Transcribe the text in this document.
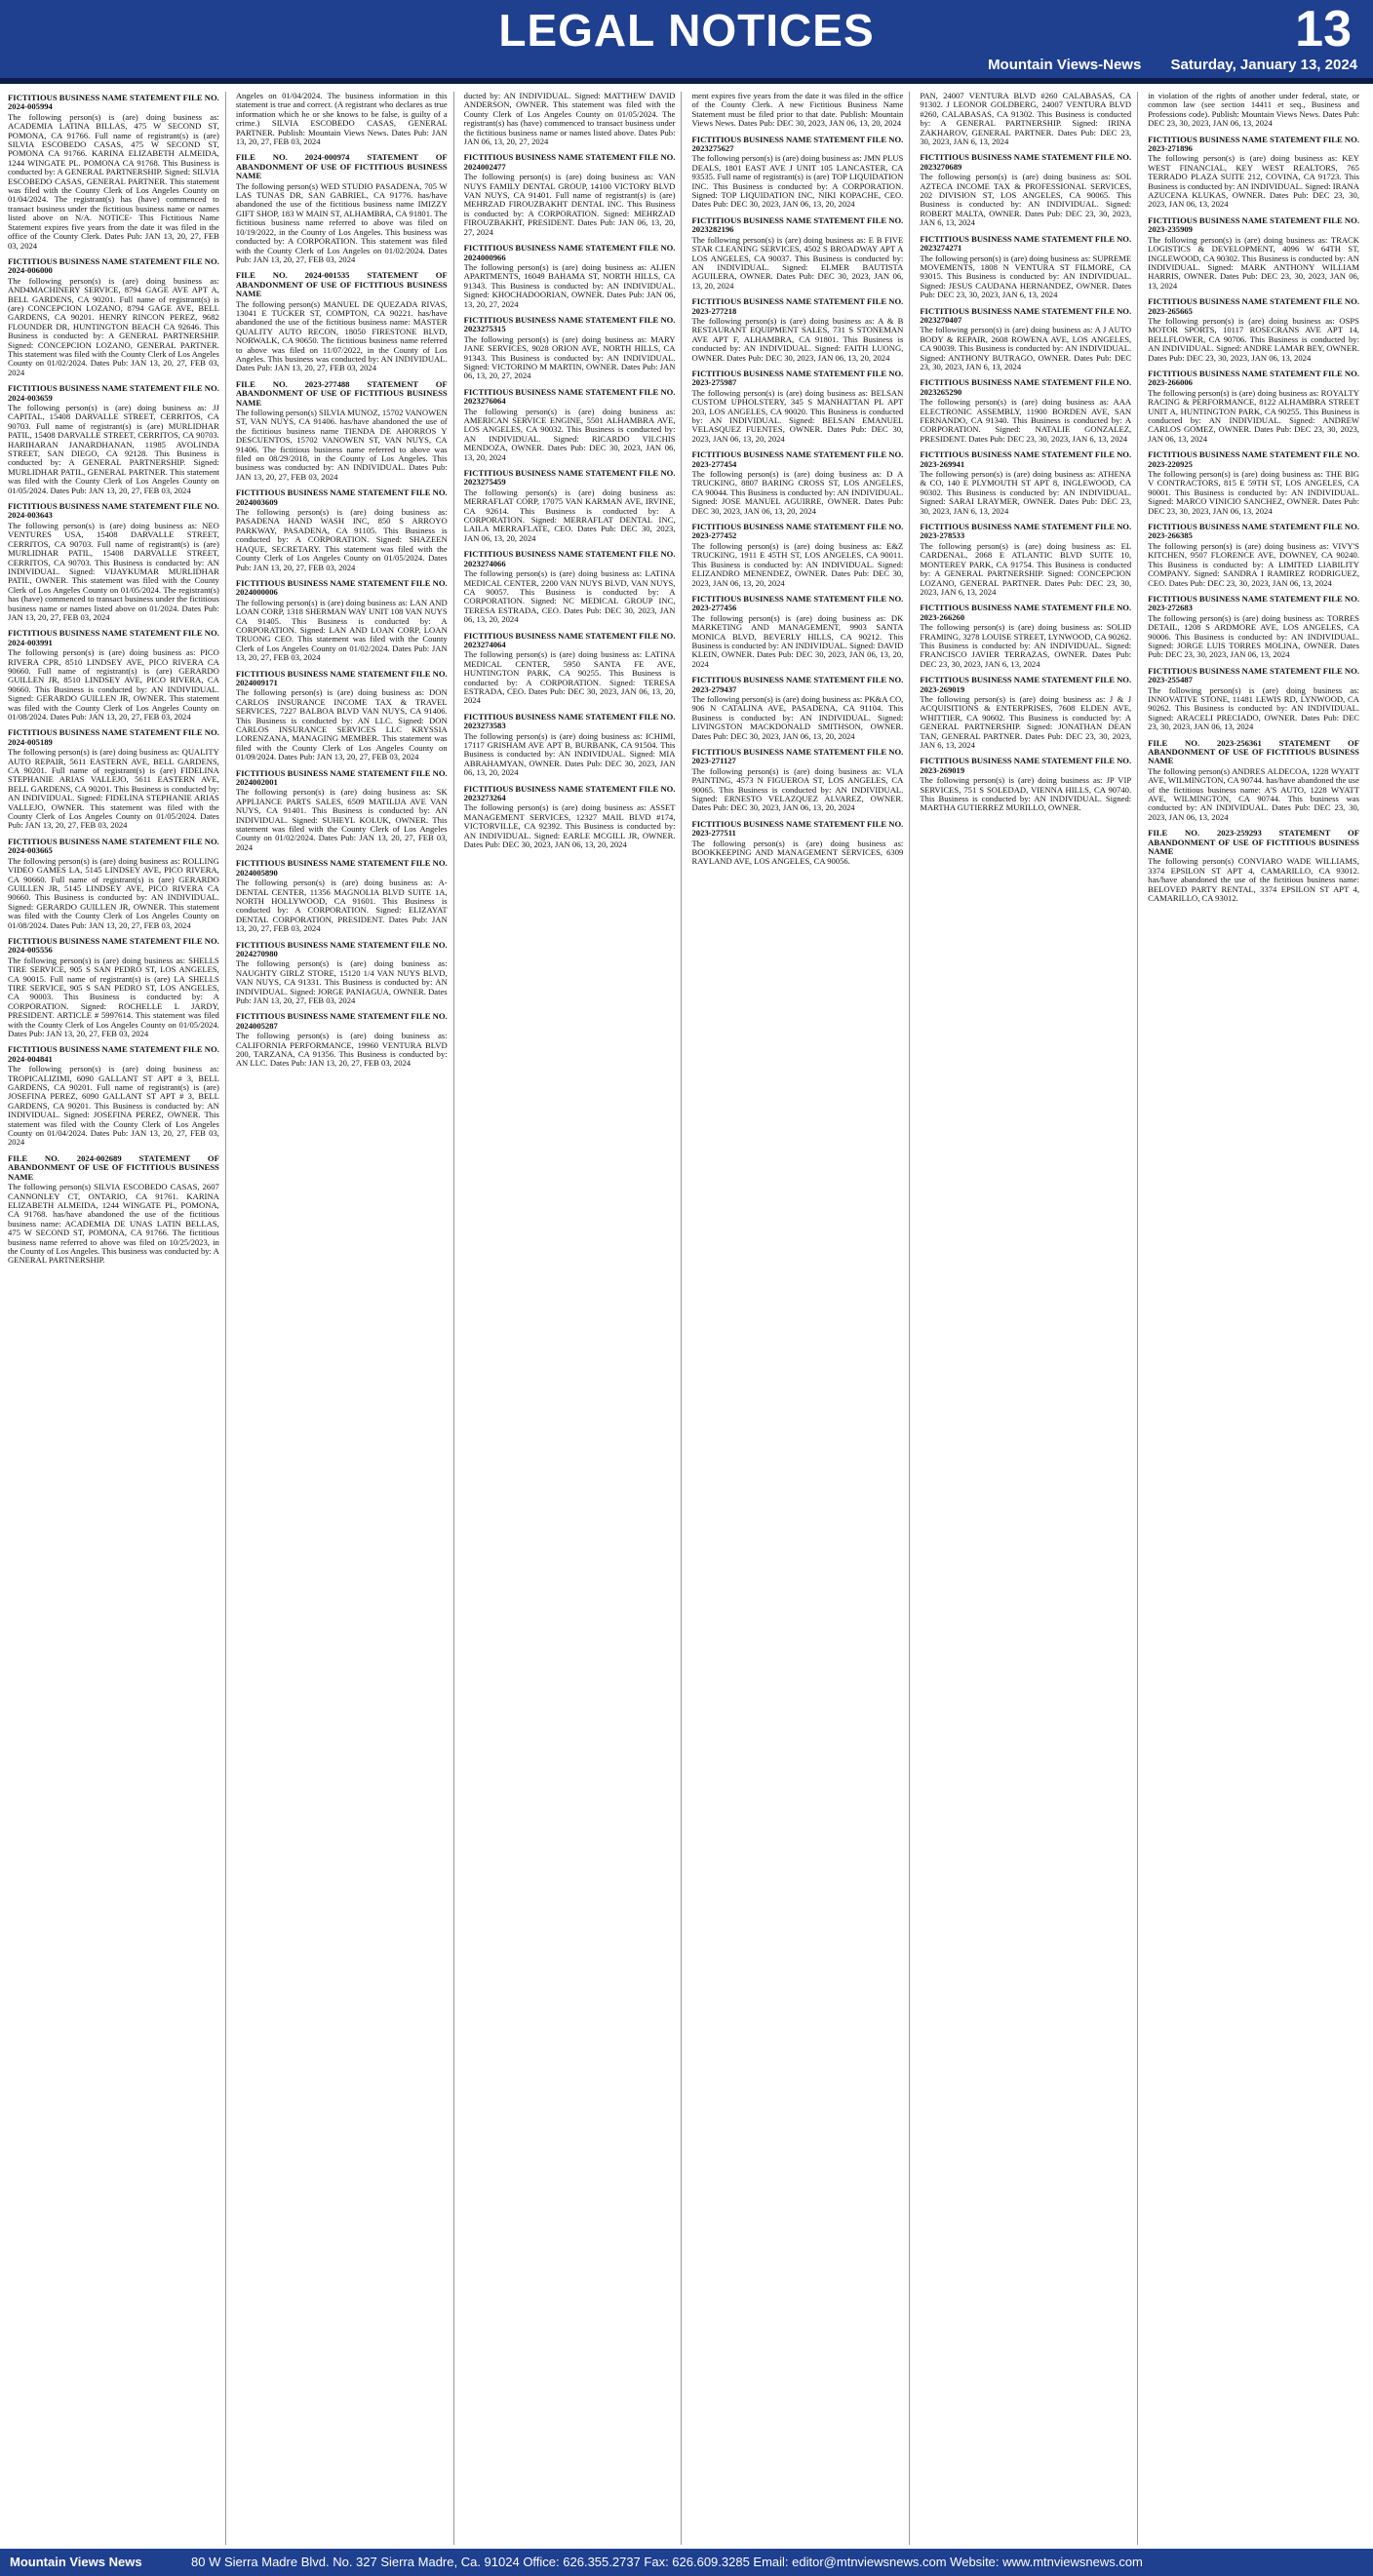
LEGAL NOTICES	13
Mountain Views-News Saturday, January 13, 2024
FICTITIOUS BUSINESS NAME STATEMENT FILE NO. 2024-005994
The following person(s) is (are) doing business as: ACADEMIA LATINA BILLAS, 475 W SECOND ST, POMONA, CA 91766. Full name of registrant(s) is (are) SILVIA ESCOBEDO CASAS, 475 W SECOND ST, POMONA CA 91766. KARINA ELIZABETH ALMEIDA, 1244 WINGATE PL. POMONA CA 91768. This Business is conducted by: A GENERAL PARTNERSHIP. Signed: SILVIA ESCOBEDO CASAS, GENERAL PARTNER. This statement was filed with the County Clerk of Los Angeles County on 01/04/2024. The registrant(s) has (have) commenced to transact business under the fictitious business name or names listed above on N/A. NOTICE- This Fictitious Name Statement expires five years from the date it was filed in the office of the County Clerk. Dates Pub: JAN 13, 20, 27, FEB 03, 2024
FICTITIOUS BUSINESS NAME STATEMENT FILE NO. 2024-006000
The following person(s) is (are) doing business as: AND4MACHINERY SERVICE, 8794 GAGE AVE APT A, BELL GARDENS, CA 90201. Full name of registrant(s) is (are) CONCEPCION LOZANO, 8794 GAGE AVE, BELL GARDENS, CA 90201. HENRY RINCON PEREZ, 9682 FLOUNDER DR, HUNTINGTON BEACH CA 92646. This Business is conducted by: A GENERAL PARTNERSHIP. Signed: CONCEPCION LOZANO, GENERAL PARTNER. This statement was filed with the County Clerk of Los Angeles County on 01/02/2024. Dates Pub: JAN 13, 20, 27, FEB 03, 2024
FICTITIOUS BUSINESS NAME STATEMENT FILE NO. 2024-003659
The following person(s) is (are) doing business as: JJ CAPITAL, 15408 DARVALLE STREET, CERRITOS, CA 90703. Full name of registrant(s) is (are) MURLIDHAR PATIL, 15408 DARVALLE STREET, CERRITOS, CA 90703. HARIHARAN JANARDHANAN, 11985 AVOLINDA STREET, SAN DIEGO, CA 92128. This Business is conducted by: A GENERAL PARTNERSHIP. Signed: MURLIDHAR PATIL, GENERAL PARTNER. This statement was filed with the County Clerk of Los Angeles County on 01/05/2024. Dates Pub: JAN 13, 20, 27, FEB 03, 2024
FICTITIOUS BUSINESS NAME STATEMENT FILE NO. 2024-003643
The following person(s) is (are) doing business as: NEO VENTURES USA, 15408 DARVALLE STREET, CERRITOS, CA 90703. Full name of registrant(s) is (are) MURLIDHAR PATIL, 15408 DARVALLE STREET, CERRITOS, CA 90703. This Business is conducted by: AN INDIVIDUAL. Signed: VIJAYKUMAR MURLIDHAR PATIL, OWNER. This statement was filed with the County Clerk of Los Angeles County on 01/05/2024. The registrant(s) has (have) commenced to transact business under the fictitious business name or names listed above on 01/2024. Dates Pub: JAN 13, 20, 27, FEB 03, 2024
FICTITIOUS BUSINESS NAME STATEMENT FILE NO. 2024-003991
The following person(s) is (are) doing business as: PICO RIVERA CPR, 8510 LINDSEY AVE, PICO RIVERA CA 90660. Full name of registrant(s) is (are) GERARDO GUILLEN JR, 8510 LINDSEY AVE, PICO RIVERA, CA 90660. This Business is conducted by: AN INDIVIDUAL. Signed: GERARDO GUILLEN JR, OWNER. This statement was filed with the County Clerk of Los Angeles County on 01/08/2024. Dates Pub: JAN 13, 20, 27, FEB 03, 2024
FICTITIOUS BUSINESS NAME STATEMENT FILE NO. 2024-005189
The following person(s) is (are) doing business as: QUALITY AUTO REPAIR, 5611 EASTERN AVE, BELL GARDENS, CA 90201. Full name of registrant(s) is (are) FIDELINA STEPHANIE ARIAS VALLEJO, 5611 EASTERN AVE, BELL GARDENS, CA 90201. This Business is conducted by: AN INDIVIDUAL. Signed: FIDELINA STEPHANIE ARIAS VALLEJO, OWNER. This statement was filed with the County Clerk of Los Angeles County on 01/05/2024. Dates Pub: JAN 13, 20, 27, FEB 03, 2024
FICTITIOUS BUSINESS NAME STATEMENT FILE NO. 2024-003665
The following person(s) is (are) doing business as: ROLLING VIDEO GAMES LA, 5145 LINDSEY AVE, PICO RIVERA, CA 90660. Full name of registrant(s) is (are) GERARDO GUILLEN JR, 5145 LINDSEY AVE, PICO RIVERA CA 90660. This Business is conducted by: AN INDIVIDUAL. Signed: GERARDO GUILLEN JR, OWNER. This statement was filed with the County Clerk of Los Angeles County on 01/08/2024. Dates Pub: JAN 13, 20, 27, FEB 03, 2024
FICTITIOUS BUSINESS NAME STATEMENT FILE NO. 2024-005556
The following person(s) is (are) doing business as: SHELLS TIRE SERVICE, 905 S SAN PEDRO ST, LOS ANGELES, CA 90015. Full name of registrant(s) is (are) LA SHELLS TIRE SERVICE, 905 S SAN PEDRO ST, LOS ANGELES, CA 90003. This Business is conducted by: A CORPORATION. Signed: ROCHELLE L JARDY, PRESIDENT. ARTICLE # 5997614. This statement was filed with the County Clerk of Los Angeles County on 01/05/2024. Dates Pub: JAN 13, 20, 27, FEB 03, 2024
FICTITIOUS BUSINESS NAME STATEMENT FILE NO. 2024-004841
The following person(s) is (are) doing business as: TROPICALIZIMI, 6090 GALLANT ST APT # 3, BELL GARDENS, CA 90201. Full name of registrant(s) is (are) JOSEFINA PEREZ, 6090 GALLANT ST APT # 3, BELL GARDENS, CA 90201. This Business is conducted by: AN INDIVIDUAL. Signed: JOSEFINA PEREZ, OWNER. This statement was filed with the County Clerk of Los Angeles County on 01/04/2024. Dates Pub: JAN 13, 20, 27, FEB 03, 2024
FILE NO. 2024-002689 STATEMENT OF ABANDONMENT OF USE OF FICTITIOUS BUSINESS NAME
The following person(s) SILVIA ESCOBEDO CASAS, 2607 CANNONLEY CT, ONTARIO, CA 91761. KARINA ELIZABETH ALMEIDA, 1244 WINGATE PL, POMONA, CA 91768. has/have abandoned the use of the fictitious business name: ACADEMIA DE UNAS LATIN BELLAS, 475 W SECOND ST, POMONA, CA 91766. The fictitious business name referred to above was filed on 10/25/2023, in the County of Los Angeles. This business was conducted by: A GENERAL PARTNERSHIP.
Angeles on 01/04/2024. The business information in this statement is true and correct. (A registrant who declares as true information which he or she knows to be false, is guilty of a crime.) SILVIA ESCOBEDO CASAS, GENERAL PARTNER. Publish: Mountain Views News. Dates Pub: JAN 13, 20, 27, FEB 03, 2024
FILE NO. 2024-000974 STATEMENT OF ABANDONMENT OF USE OF FICTITIOUS BUSINESS NAME
The following person(s) WED STUDIO PASADENA, 705 W LAS TUNAS DR, SAN GABRIEL, CA 91776. has/have abandoned the use of the fictitious business name IMIZZY GIFT SHOP, 183 W MAIN ST, ALHAMBRA, CA 91801. The fictitious business name referred to above was filed on 10/19/2022, in the County of Los Angeles. This business was conducted by: A CORPORATION. This statement was filed with the County Clerk of Los Angeles on 01/02/2024. Dates Pub: JAN 13, 20, 27, FEB 03, 2024
FILE NO. 2024-001535 STATEMENT OF ABANDONMENT OF USE OF FICTITIOUS BUSINESS NAME
The following person(s) MANUEL DE QUEZADA RIVAS, 13041 E TUCKER ST, COMPTON, CA 90221. has/have abandoned the use of the fictitious business name: MASTER QUALITY AUTO RECON, 18050 FIRESTONE BLVD, NORWALK, CA 90650. The fictitious business name referred to above was filed on 11/07/2022, in the County of Los Angeles. This business was conducted by: AN INDIVIDUAL. Dates Pub: JAN 13, 20, 27, FEB 03, 2024
FILE NO. 2023-277488 STATEMENT OF ABANDONMENT OF USE OF FICTITIOUS BUSINESS NAME
The following person(s) SILVIA MUNOZ, 15702 VANOWEN ST, VAN NUYS, CA 91406. has/have abandoned the use of the fictitious business name TIENDA DE AHORROS Y DESCUENTOS, 15702 VANOWEN ST, VAN NUYS, CA 91406. The fictitious business name referred to above was filed on 08/29/2018, in the County of Los Angeles. This business was conducted by: AN INDIVIDUAL. Dates Pub: JAN 13, 20, 27, FEB 03, 2024
FICTITIOUS BUSINESS NAME STATEMENT FILE NO. 2024003609
The following person(s) is (are) doing business as: PASADENA HAND WASH INC, 850 S ARROYO PARKWAY, PASADENA, CA 91105. This Business is conducted by: A CORPORATION. Signed: SHAZEEN HAQUE, SECRETARY. This statement was filed with the County Clerk of Los Angeles County on 01/05/2024. Dates Pub: JAN 13, 20, 27, FEB 03, 2024
FICTITIOUS BUSINESS NAME STATEMENT FILE NO. 2024000006
The following person(s) is (are) doing business as: LAN AND LOAN CORP, 1318 SHERMAN WAY UNIT 108 VAN NUYS CA 91405. This Business is conducted by: A CORPORATION. Signed: LAN AND LOAN CORP, LOAN TRUONG CEO. This statement was filed with the County Clerk of Los Angeles County on 01/02/2024. Dates Pub: JAN 13, 20, 27, FEB 03, 2024
FICTITIOUS BUSINESS NAME STATEMENT FILE NO. 2024009171
The following person(s) is (are) doing business as: DON CARLOS INSURANCE INCOME TAX & TRAVEL SERVICES, 7227 BALBOA BLVD VAN NUYS, CA 91406. This Business is conducted by: AN LLC. Signed: DON CARLOS INSURANCE SERVICES LLC KRYSSIA LORENZANA, MANAGING MEMBER. This statement was filed with the County Clerk of Los Angeles County on 01/09/2024. Dates Pub: JAN 13, 20, 27, FEB 03, 2024
FICTITIOUS BUSINESS NAME STATEMENT FILE NO. 2024002001
The following person(s) is (are) doing business as: SK APPLIANCE PARTS SALES, 6509 MATILIJA AVE VAN NUYS, CA 91401. This Business is conducted by: AN INDIVIDUAL. Signed: SUHEYL KOLUK, OWNER. This statement was filed with the County Clerk of Los Angeles County on 01/02/2024. Dates Pub: JAN 13, 20, 27, FEB 03, 2024
FICTITIOUS BUSINESS NAME STATEMENT FILE NO. 2024005890
The following person(s) is (are) doing business as: A-DENTAL CENTER, 11356 MAGNOLIA BLVD SUITE 1A, NORTH HOLLYWOOD, CA 91601. This Business is conducted by: A CORPORATION. Signed: ELIZAYAT DENTAL CORPORATION, PRESIDENT. Dates Pub: JAN 13, 20, 27, FEB 03, 2024
FICTITIOUS BUSINESS NAME STATEMENT FILE NO. 2024270980
The following person(s) is (are) doing business as: NAUGHTY GIRLZ STORE, 15120 1/4 VAN NUYS BLVD, VAN NUYS, CA 91331. This Business is conducted by: AN INDIVIDUAL. Signed: JORGE PANIAGUA, OWNER. Dates Pub: JAN 13, 20, 27, FEB 03, 2024
FICTITIOUS BUSINESS NAME STATEMENT FILE NO. 2024005287
The following person(s) is (are) doing business as: CALIFORNIA PERFORMANCE, 19960 VENTURA BLVD 200, TARZANA, CA 91356. This Business is conducted by: AN LLC. Dates Pub: JAN 13, 20, 27, FEB 03, 2024
ducted by: AN INDIVIDUAL. Signed: MATTHEW DAVID ANDERSON, OWNER. This statement was filed with the County Clerk of Los Angeles County on 01/05/2024. The registrant(s) has (have) commenced to transact business under the fictitious business name or names listed above. Dates Pub: JAN 06, 13, 20, 27, 2024
FICTITIOUS BUSINESS NAME STATEMENT FILE NO. 2024002477
The following person(s) is (are) doing business as: VAN NUYS FAMILY DENTAL GROUP, 14100 VICTORY BLVD VAN NUYS, CA 91401. Full name of registrant(s) is (are) MEHRZAD FIROUZBAKHT DENTAL INC. This Business is conducted by: A CORPORATION. Signed: MEHRZAD FIROUZBAKHT, PRESIDENT. Dates Pub: JAN 06, 13, 20, 27, 2024
FICTITIOUS BUSINESS NAME STATEMENT FILE NO. 2024000966
The following person(s) is (are) doing business as: ALIEN APARTMENTS, 16049 BAHAMA ST, NORTH HILLS, CA 91343. This Business is conducted by: AN INDIVIDUAL. Signed: KHOCHADOORIAN, OWNER. Dates Pub: JAN 06, 13, 20, 27, 2024
FICTITIOUS BUSINESS NAME STATEMENT FILE NO. 2023275315
The following person(s) is (are) doing business as: MARY JANE SERVICES, 9028 ORION AVE, NORTH HILLS, CA 91343. This Business is conducted by: AN INDIVIDUAL. Signed: VICTORINO M MARTIN, OWNER. Dates Pub: JAN 06, 13, 20, 27, 2024
FICTITIOUS BUSINESS NAME STATEMENT FILE NO. 2023276064
The following person(s) is (are) doing business as: AMERICAN SERVICE ENGINE, 5501 ALHAMBRA AVE, LOS ANGELES, CA 90032. This Business is conducted by: AN INDIVIDUAL. Signed: RICARDO VILCHIS MENDOZA, OWNER. Dates Pub: DEC 30, 2023, JAN 06, 13, 20, 2024
FICTITIOUS BUSINESS NAME STATEMENT FILE NO. 2023275459
The following person(s) is (are) doing business as: MERRAFLAT CORP, 17075 VAN KARMAN AVE, IRVINE, CA 92614. This Business is conducted by: A CORPORATION. Signed: MERRAFLAT DENTAL INC, LAILA MERRAFLATE, CEO. Dates Pub: DEC 30, 2023, JAN 06, 13, 20, 2024
FICTITIOUS BUSINESS NAME STATEMENT FILE NO. 2023274066
The following person(s) is (are) doing business as: LATINA MEDICAL CENTER, 2200 VAN NUYS BLVD, VAN NUYS, CA 90057. This Business is conducted by: A CORPORATION. Signed: NC MEDICAL GROUP INC, TERESA ESTRADA, CEO. Dates Pub: DEC 30, 2023, JAN 06, 13, 20, 2024
FICTITIOUS BUSINESS NAME STATEMENT FILE NO. 2023274064
The following person(s) is (are) doing business as: LATINA MEDICAL CENTER, 5950 SANTA FE AVE, HUNTINGTON PARK, CA 90255. This Business is conducted by: A CORPORATION. Signed: TERESA ESTRADA, CEO. Dates Pub: DEC 30, 2023, JAN 06, 13, 20, 2024
FICTITIOUS BUSINESS NAME STATEMENT FILE NO. 2023273583
The following person(s) is (are) doing business as: ICHIMI, 17117 GRISHAM AVE APT B, BURBANK, CA 91504. This Business is conducted by: AN INDIVIDUAL. Signed: MIA ABRAHAMYAN, OWNER. Dates Pub: DEC 30, 2023, JAN 06, 13, 20, 2024
FICTITIOUS BUSINESS NAME STATEMENT FILE NO. 2023273264
The following person(s) is (are) doing business as: ASSET MANAGEMENT SERVICES, 12327 MAIL BLVD #174, VICTORVILLE, CA 92392. This Business is conducted by: AN INDIVIDUAL. Signed: EARLE MCGILL JR, OWNER. Dates Pub: DEC 30, 2023, JAN 06, 13, 20, 2024
ment expires five years from the date it was filed in the office of the County Clerk. A new Fictitious Business Name Statement must be filed prior to that date. Publish: Mountain Views News. Dates Pub: DEC 30, 2023, JAN 06, 13, 20, 2024
FICTITIOUS BUSINESS NAME STATEMENT FILE NO. 2023275627
The following person(s) is (are) doing business as: JMN PLUS DEALS, 1801 EAST AVE J UNIT 105 LANCASTER, CA 93535. Full name of registrant(s) is (are) TOP LIQUIDATION INC. This Business is conducted by: A CORPORATION. Signed: TOP LIQUIDATION INC, NIKI KOPACHE, CEO. Dates Pub: DEC 30, 2023, JAN 06, 13, 20, 2024
FICTITIOUS BUSINESS NAME STATEMENT FILE NO. 2023282196
The following person(s) is (are) doing business as: E B FIVE STAR CLEANING SERVICES, 4502 S BROADWAY APT A LOS ANGELES, CA 90037. This Business is conducted by: AN INDIVIDUAL. Signed: ELMER BAUTISTA AGUILERA, OWNER. Dates Pub: DEC 30, 2023, JAN 06, 13, 20, 2024
FICTITIOUS BUSINESS NAME STATEMENT FILE NO. 2023-277218
The following person(s) is (are) doing business as: A & B RESTAURANT EQUIPMENT SALES, 731 S STONEMAN AVE APT F, ALHAMBRA, CA 91801. This Business is conducted by: AN INDIVIDUAL. Signed: FAITH LUONG, OWNER. Dates Pub: DEC 30, 2023, JAN 06, 13, 20, 2024
FICTITIOUS BUSINESS NAME STATEMENT FILE NO. 2023-275987
The following person(s) is (are) doing business as: BELSAN CUSTOM UPHOLSTERY, 345 S MANHATTAN PL APT 203, LOS ANGELES, CA 90020. This Business is conducted by: AN INDIVIDUAL. Signed: BELSAN EMANUEL VELASQUEZ FUENTES, OWNER. Dates Pub: DEC 30, 2023, JAN 06, 13, 20, 2024
FICTITIOUS BUSINESS NAME STATEMENT FILE NO. 2023-277454
The following person(s) is (are) doing business as: D A TRUCKING, 8807 BARING CROSS ST, LOS ANGELES, CA 90044. This Business is conducted by: AN INDIVIDUAL. Signed: JOSE MANUEL AGUIRRE, OWNER. Dates Pub: DEC 30, 2023, JAN 06, 13, 20, 2024
FICTITIOUS BUSINESS NAME STATEMENT FILE NO. 2023-277452
The following person(s) is (are) doing business as: E&Z TRUCKING, 1911 E 45TH ST, LOS ANGELES, CA 90011. This Business is conducted by: AN INDIVIDUAL. Signed: ELIZANDRO MENENDEZ, OWNER. Dates Pub: DEC 30, 2023, JAN 06, 13, 20, 2024
FICTITIOUS BUSINESS NAME STATEMENT FILE NO. 2023-277456
The following person(s) is (are) doing business as: DK MARKETING AND MANAGEMENT, 9903 SANTA MONICA BLVD, BEVERLY HILLS, CA 90212. This Business is conducted by: AN INDIVIDUAL. Signed: DAVID KLEIN, OWNER. Dates Pub: DEC 30, 2023, JAN 06, 13, 20, 2024
FICTITIOUS BUSINESS NAME STATEMENT FILE NO. 2023-279437
The following person(s) is (are) doing business as: PK&A CO, 906 N CATALINA AVE, PASADENA, CA 91104. This Business is conducted by: AN INDIVIDUAL. Signed: LIVINGSTON MACKDONALD SMITHSON, OWNER. Dates Pub: DEC 30, 2023, JAN 06, 13, 20, 2024
FICTITIOUS BUSINESS NAME STATEMENT FILE NO. 2023-271127
The following person(s) is (are) doing business as: VLA PAINTING, 4573 N FIGUEROA ST, LOS ANGELES, CA 90065. This Business is conducted by: AN INDIVIDUAL. Signed: ERNESTO VELAZQUEZ ALVAREZ, OWNER. Dates Pub: DEC 30, 2023, JAN 06, 13, 20, 2024
FICTITIOUS BUSINESS NAME STATEMENT FILE NO. 2023-277511
The following person(s) is (are) doing business as: BOOKKEEPING AND MANAGEMENT SERVICES, 6309 RAYLAND AVE, LOS ANGELES, CA 90056.
PAN, 24007 VENTURA BLVD #260 CALABASAS, CA 91302. J LEONOR GOLDBERG, 24007 VENTURA BLVD #260, CALABASAS, CA 91302. This Business is conducted by: A GENERAL PARTNERSHIP. Signed: IRINA ZAKHAROV, GENERAL PARTNER. Dates Pub: DEC 23, 30, 2023, JAN 6, 13, 2024
FICTITIOUS BUSINESS NAME STATEMENT FILE NO. 2023270689
The following person(s) is (are) doing business as: SOL AZTECA INCOME TAX & PROFESSIONAL SERVICES, 202 DIVISION ST, LOS ANGELES, CA 90065. This Business is conducted by: AN INDIVIDUAL. Signed: ROBERT MALTA, OWNER. Dates Pub: DEC 23, 30, 2023, JAN 6, 13, 2024
FICTITIOUS BUSINESS NAME STATEMENT FILE NO. 2023274271
The following person(s) is (are) doing business as: SUPREME MOVEMENTS, 1808 N VENTURA ST FILMORE, CA 93015. This Business is conducted by: AN INDIVIDUAL. Signed: JESUS CAUDANA HERNANDEZ, OWNER. Dates Pub: DEC 23, 30, 2023, JAN 6, 13, 2024
FICTITIOUS BUSINESS NAME STATEMENT FILE NO. 2023270407
The following person(s) is (are) doing business as: A J AUTO BODY & REPAIR, 2608 ROWENA AVE, LOS ANGELES, CA 90039. This Business is conducted by: AN INDIVIDUAL. Signed: ANTHONY BUTRAGO, OWNER. Dates Pub: DEC 23, 30, 2023, JAN 6, 13, 2024
FICTITIOUS BUSINESS NAME STATEMENT FILE NO. 2023265290
The following person(s) is (are) doing business as: AAA ELECTRONIC ASSEMBLY, 11900 BORDEN AVE, SAN FERNANDO, CA 91340. This Business is conducted by: A CORPORATION. Signed: NATALIE GONZALEZ, PRESIDENT. Dates Pub: DEC 23, 30, 2023, JAN 6, 13, 2024
FICTITIOUS BUSINESS NAME STATEMENT FILE NO. 2023-269941
The following person(s) is (are) doing business as: ATHENA & CO, 140 E PLYMOUTH ST APT 8, INGLEWOOD, CA 90302. This Business is conducted by: AN INDIVIDUAL. Signed: SARAI LRAYMER, OWNER. Dates Pub: DEC 23, 30, 2023, JAN 6, 13, 2024
FICTITIOUS BUSINESS NAME STATEMENT FILE NO. 2023-278533
The following person(s) is (are) doing business as: EL CARDENAL, 2068 E ATLANTIC BLVD SUITE 10, MONTEREY PARK, CA 91754. This Business is conducted by: A GENERAL PARTNERSHIP. Signed: CONCEPCION LOZANO, GENERAL PARTNER. Dates Pub: DEC 23, 30, 2023, JAN 6, 13, 2024
FICTITIOUS BUSINESS NAME STATEMENT FILE NO. 2023-266260
The following person(s) is (are) doing business as: SOLID FRAMING, 3278 LOUISE STREET, LYNWOOD, CA 90262. This Business is conducted by: AN INDIVIDUAL. Signed: FRANCISCO JAVIER TERRAZAS, OWNER. Dates Pub: DEC 23, 30, 2023, JAN 6, 13, 2024
FICTITIOUS BUSINESS NAME STATEMENT FILE NO. 2023-269019
The following person(s) is (are) doing business as: J & J ACQUISITIONS & ENTERPRISES, 7608 ELDEN AVE, WHITTIER, CA 90602. This Business is conducted by: A GENERAL PARTNERSHIP. Signed: JONATHAN DEAN TAN, GENERAL PARTNER. Dates Pub: DEC 23, 30, 2023, JAN 6, 13, 2024
FICTITIOUS BUSINESS NAME STATEMENT FILE NO. 2023-269019
The following person(s) is (are) doing business as: JP VIP SERVICES, 751 S SOLEDAD, VIENNA HILLS, CA 90740. This Business is conducted by: AN INDIVIDUAL. Signed: MARTHA GUTIERREZ MURILLO, OWNER.
in violation of the rights of another under federal, state, or common law (see section 14411 et seq., Business and Professions code). Publish: Mountain Views News. Dates Pub: DEC 23, 30, 2023, JAN 06, 13, 2024
FICTITIOUS BUSINESS NAME STATEMENT FILE NO. 2023-271896
The following person(s) is (are) doing business as: KEY WEST FINANCIAL, KEY WEST REALTORS, 765 TERRADO PLAZA SUITE 212, COVINA, CA 91723. This Business is conducted by: AN INDIVIDUAL. Signed: IRANA AZUCENA KLUKAS, OWNER. Dates Pub: DEC 23, 30, 2023, JAN 06, 13, 2024
FICTITIOUS BUSINESS NAME STATEMENT FILE NO. 2023-235909
The following person(s) is (are) doing business as: TRACK LOGISTICS & DEVELOPMENT, 4096 W 64TH ST, INGLEWOOD, CA 90302. This Business is conducted by: AN INDIVIDUAL. Signed: MARK ANTHONY WILLIAM HARRIS, OWNER. Dates Pub: DEC 23, 30, 2023, JAN 06, 13, 2024
FICTITIOUS BUSINESS NAME STATEMENT FILE NO. 2023-265665
The following person(s) is (are) doing business as: OSPS MOTOR SPORTS, 10117 ROSECRANS AVE APT 14, BELLFLOWER, CA 90706. This Business is conducted by: AN INDIVIDUAL. Signed: ANDRE LAMAR BEY, OWNER. Dates Pub: DEC 23, 30, 2023, JAN 06, 13, 2024
FICTITIOUS BUSINESS NAME STATEMENT FILE NO. 2023-266006
The following person(s) is (are) doing business as: ROYALTY RACING & PERFORMANCE, 8122 ALHAMBRA STREET UNIT A, HUNTINGTON PARK, CA 90255. This Business is conducted by: AN INDIVIDUAL. Signed: ANDREW CARLOS GOMEZ, OWNER. Dates Pub: DEC 23, 30, 2023, JAN 06, 13, 2024
FICTITIOUS BUSINESS NAME STATEMENT FILE NO. 2023-220925
The following person(s) is (are) doing business as: THE BIG V CONTRACTORS, 815 E 59TH ST, LOS ANGELES, CA 90001. This Business is conducted by: AN INDIVIDUAL. Signed: MARCO VINICIO SANCHEZ, OWNER. Dates Pub: DEC 23, 30, 2023, JAN 06, 13, 2024
FICTITIOUS BUSINESS NAME STATEMENT FILE NO. 2023-266385
The following person(s) is (are) doing business as: VIVY'S KITCHEN, 9507 FLORENCE AVE, DOWNEY, CA 90240. This Business is conducted by: A LIMITED LIABILITY COMPANY. Signed: SANDRA I RAMIREZ RODRIGUEZ, CEO. Dates Pub: DEC 23, 30, 2023, JAN 06, 13, 2024
FICTITIOUS BUSINESS NAME STATEMENT FILE NO. 2023-272683
The following person(s) is (are) doing business as: TORRES DETAIL, 1208 S ARDMORE AVE, LOS ANGELES, CA 90006. This Business is conducted by: AN INDIVIDUAL. Signed: JORGE LUIS TORRES MOLINA, OWNER. Dates Pub: DEC 23, 30, 2023, JAN 06, 13, 2024
FICTITIOUS BUSINESS NAME STATEMENT FILE NO. 2023-255487
The following person(s) is (are) doing business as: INNOVATIVE STONE, 11481 LEWIS RD, LYNWOOD, CA 90262. This Business is conducted by: AN INDIVIDUAL. Signed: ARACELI PRECIADO, OWNER. Dates Pub: DEC 23, 30, 2023, JAN 06, 13, 2024
FILE NO. 2023-256361 STATEMENT OF ABANDONMENT OF USE OF FICTITIOUS BUSINESS NAME
The following person(s) ANDRES ALDECOA, 1228 WYATT AVE, WILMINGTON, CA 90744. has/have abandoned the use of the fictitious business name: A'S AUTO, 1228 WYATT AVE, WILMINGTON, CA 90744. This business was conducted by: AN INDIVIDUAL. Dates Pub: DEC 23, 30, 2023, JAN 06, 13, 2024
FILE NO. 2023-259293 STATEMENT OF ABANDONMENT OF USE OF FICTITIOUS BUSINESS NAME
The following person(s) CONVIARO WADE WILLIAMS, 3374 EPSILON ST APT 4, CAMARILLO, CA 93012. has/have abandoned the use of the fictitious business name: BELOVED PARTY RENTAL, 3374 EPSILON ST APT 4, CAMARILLO, CA 93012.
Mountain Views News	80 W Sierra Madre Blvd. No. 327 Sierra Madre, Ca. 91024 Office: 626.355.2737 Fax: 626.609.3285 Email: editor@mtnviewsnews.com Website: www.mtnviewsnews.com
